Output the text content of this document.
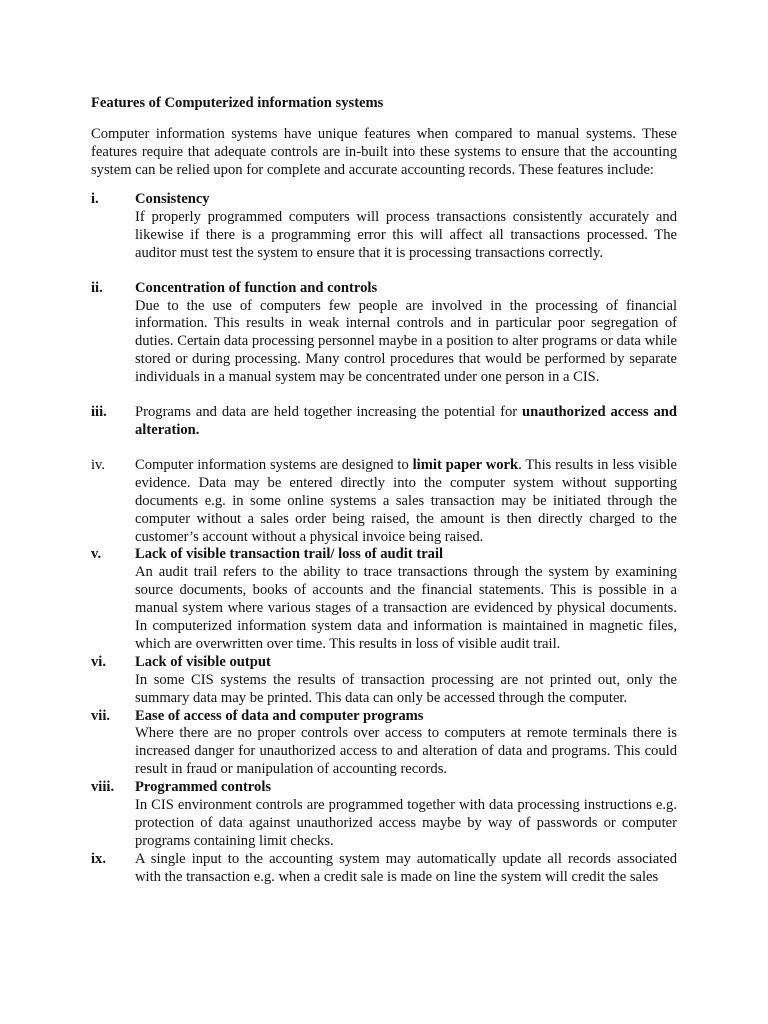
Features of Computerized information systems
Computer information systems have unique features when compared to manual systems. These features require that adequate controls are in-built into these systems to ensure that the accounting system can be relied upon for complete and accurate accounting records. These features include:
i.	Consistency
If properly programmed computers will process transactions consistently accurately and likewise if there is a programming error this will affect all transactions processed. The auditor must test the system to ensure that it is processing transactions correctly.
ii.	Concentration of function and controls
Due to the use of computers few people are involved in the processing of financial information. This results in weak internal controls and in particular poor segregation of duties. Certain data processing personnel maybe in a position to alter programs or data while stored or during processing. Many control procedures that would be performed by separate individuals in a manual system may be concentrated under one person in a CIS.
iii.	Programs and data are held together increasing the potential for unauthorized access and alteration.
iv.	Computer information systems are designed to limit paper work. This results in less visible evidence. Data may be entered directly into the computer system without supporting documents e.g. in some online systems a sales transaction may be initiated through the computer without a sales order being raised, the amount is then directly charged to the customer’s account without a physical invoice being raised.
v.	Lack of visible transaction trail/ loss of audit trail
An audit trail refers to the ability to trace transactions through the system by examining source documents, books of accounts and the financial statements. This is possible in a manual system where various stages of a transaction are evidenced by physical documents. In computerized information system data and information is maintained in magnetic files, which are overwritten over time. This results in loss of visible audit trail.
vi.	Lack of visible output
In some CIS systems the results of transaction processing are not printed out, only the summary data may be printed. This data can only be accessed through the computer.
vii.	Ease of access of data and computer programs
Where there are no proper controls over access to computers at remote terminals there is increased danger for unauthorized access to and alteration of data and programs. This could result in fraud or manipulation of accounting records.
viii.	Programmed controls
In CIS environment controls are programmed together with data processing instructions e.g. protection of data against unauthorized access maybe by way of passwords or computer programs containing limit checks.
ix.	A single input to the accounting system may automatically update all records associated with the transaction e.g. when a credit sale is made on line the system will credit the sales
